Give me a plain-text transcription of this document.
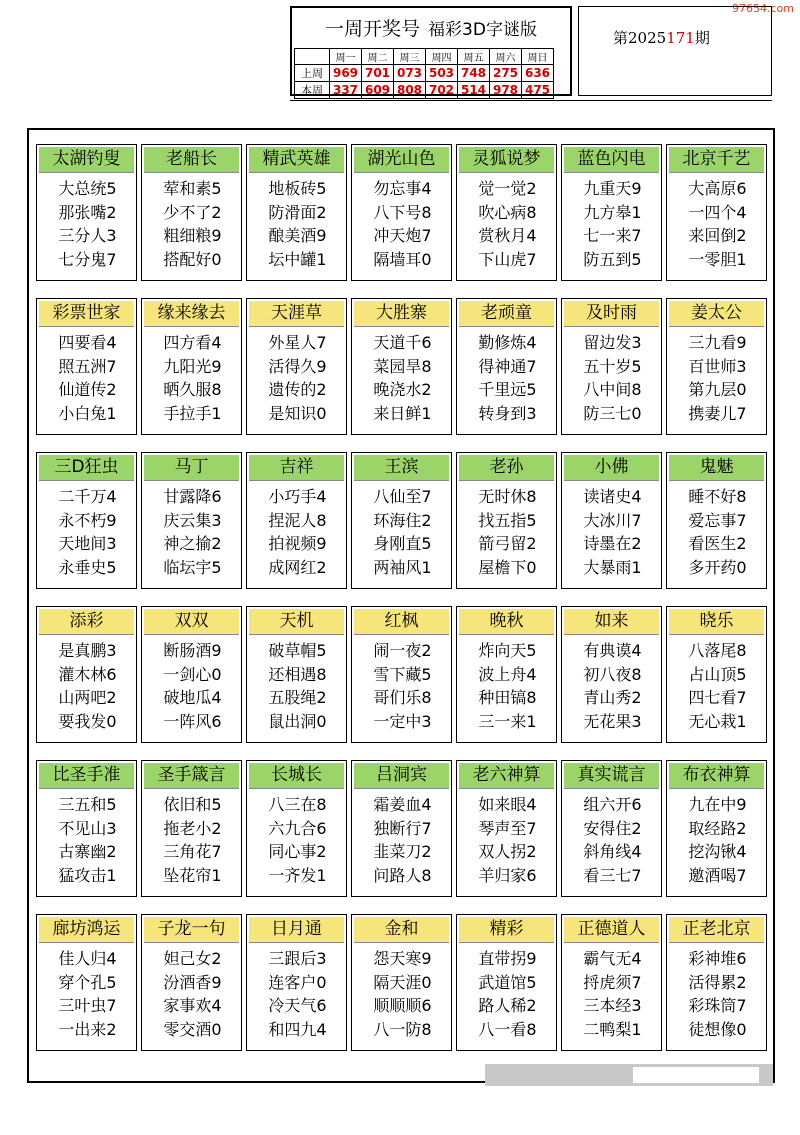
97654.com
一周开奖号 福彩3D字谜版
	周一	周二	周三	周四	周五	周六	周日
上周	969	701	073	503	748	275	636
本周	337	609	808	702	514	978	475
第2025171期
太湖钓叟
大总统5
那张嘴2
三分人3
七分鬼7
老船长
荤和素5
少不了2
粗细粮9
搭配好0
精武英雄
地板砖5
防滑面2
酿美酒9
坛中罐1
湖光山色
勿忘事4
八下号8
冲天炮7
隔墙耳0
灵狐说梦
觉一觉2
吹心病8
赏秋月4
下山虎7
蓝色闪电
九重天9
九方皋1
七一来7
防五到5
北京千艺
大高原6
一四个4
来回倒2
一零胆1
彩票世家
四要看4
照五洲7
仙道传2
小白兔1
缘来缘去
四方看4
九阳光9
晒久服8
手拉手1
天涯草
外星人7
活得久9
遗传的2
是知识0
大胜寨
天道千6
菜园旱8
晚浇水2
来日鲜1
老顽童
勤修炼4
得神通7
千里远5
转身到3
及时雨
留边发3
五十岁5
八中间8
防三七0
姜太公
三九看9
百世师3
第九层0
携妻儿7
三D狂虫
二千万4
永不朽9
天地间3
永垂史5
马丁
甘露降6
庆云集3
神之揄2
临坛宇5
吉祥
小巧手4
捏泥人8
拍视频9
成网红2
王滨
八仙至7
环海住2
身刚直5
两袖风1
老孙
无时休8
找五指5
箭弓留2
屋檐下0
小佛
读诸史4
大冰川7
诗墨在2
大暴雨1
鬼魅
睡不好8
爱忘事7
看医生2
多开药0
添彩
是真鹏3
灌木林6
山两吧2
要我发0
双双
断肠酒9
一剑心0
破地瓜4
一阵风6
天机
破草帽5
还相遇8
五股绳2
鼠出洞0
红枫
闹一夜2
雪下藏5
哥们乐8
一定中3
晚秋
炸向天5
波上舟4
种田镐8
三一来1
如来
有典谟4
初八夜8
青山秀2
无花果3
晓乐
八落尾8
占山顶5
四七看7
无心栽1
比圣手准
三五和5
不见山3
古寨幽2
猛攻击1
圣手箴言
依旧和5
拖老小2
三角花7
坠花帘1
长城长
八三在8
六九合6
同心事2
一齐发1
吕洞宾
霜姜血4
独断行7
韭菜刀2
问路人8
老六神算
如来眼4
琴声至7
双人拐2
羊归家6
真实谎言
组六开6
安得住2
斜角线4
看三七7
布衣神算
九在中9
取经路2
挖沟锹4
邀酒喝7
廊坊鸿运
佳人归4
穿个孔5
三叶虫7
一出来2
子龙一句
妲己女2
汾酒香9
家事欢4
零交酒0
日月通
三跟后3
连客户0
冷天气6
和四九4
金和
怨天寒9
隔天涯0
顺顺顺6
八一防8
精彩
直带拐9
武道馆5
路人稀2
八一看8
正德道人
霸气无4
捋虎须7
三本经3
二鸭梨1
正老北京
彩神堆6
活得累2
彩珠筒7
徒想像0
